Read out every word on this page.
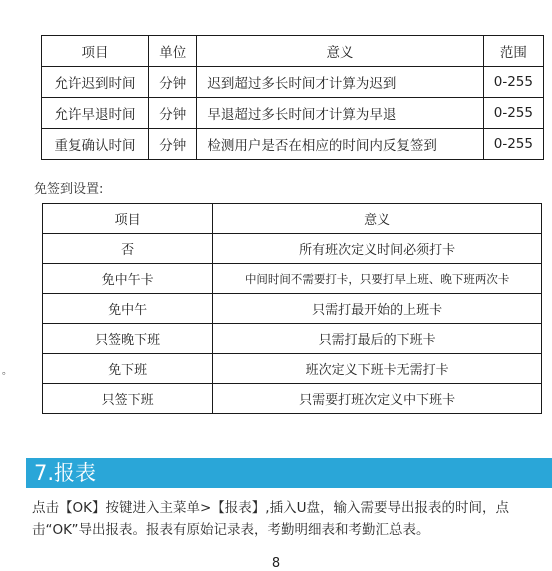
项目	单位	意义	范围
允许迟到时间	分钟	迟到超过多长时间才计算为迟到	0-255
允许早退时间	分钟	早退超过多长时间才计算为早退	0-255
重复确认时间	分钟	检测用户是否在相应的时间内反复签到	0-255
免签到设置:
项目	意义
否	所有班次定义时间必须打卡
免中午卡	中间时间不需要打卡，只要打早上班、晚下班两次卡
免中午	只需打最开始的上班卡
只签晚下班	只需打最后的下班卡
免下班	班次定义下班卡无需打卡
只签下班	只需要打班次定义中下班卡
。
7.报表
点击【OK】按键进入主菜单>【报表】,插入U盘，输入需要导出报表的时间，点击“OK”导出报表。报表有原始记录表，考勤明细表和考勤汇总表。
8
